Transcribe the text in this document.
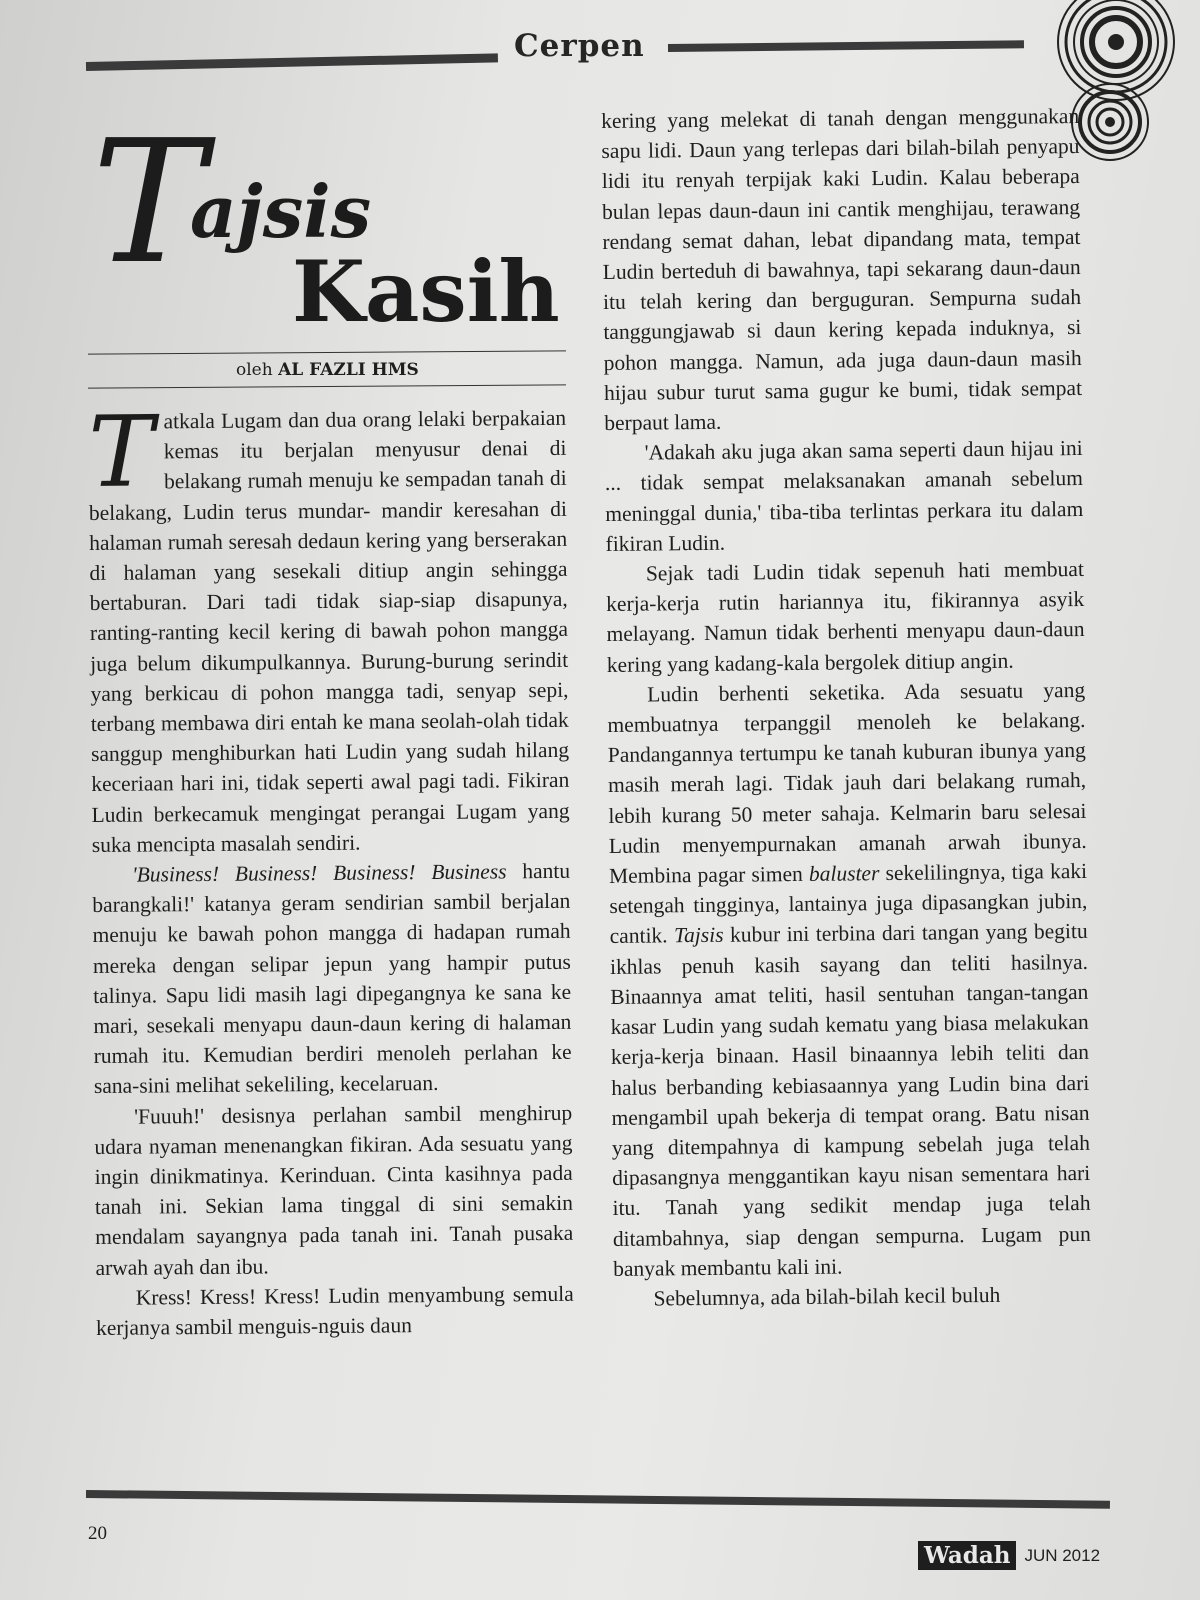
Cerpen
T
ajsis
Kasih
oleh AL FAZLI HMS

Tatkala Lugam dan dua orang lelaki berpakaian kemas itu berjalan menyusur denai di belakang rumah menuju ke sempadan tanah di belakang, Ludin terus mundar- mandir keresahan di halaman rumah seresah dedaun kering yang berserakan di halaman yang sesekali ditiup angin sehingga bertaburan. Dari tadi tidak siap-siap disapunya, ranting-ranting kecil kering di bawah pohon mangga juga belum dikumpulkannya. Burung-burung serindit yang berkicau di pohon mangga tadi, senyap sepi, terbang membawa diri entah ke mana seolah-olah tidak sanggup menghiburkan hati Ludin yang sudah hilang keceriaan hari ini, tidak seperti awal pagi tadi. Fikiran Ludin berkecamuk mengingat perangai Lugam yang suka mencipta masalah sendiri.

'Business! Business! Business! Business hantu barangkali!' katanya geram sendirian sambil berjalan menuju ke bawah pohon mangga di hadapan rumah mereka dengan selipar jepun yang hampir putus talinya. Sapu lidi masih lagi dipegangnya ke sana ke mari, sesekali menyapu daun-daun kering di halaman rumah itu. Kemudian berdiri menoleh perlahan ke sana-sini melihat sekeliling, kecelaruan.

'Fuuuh!' desisnya perlahan sambil menghirup udara nyaman menenangkan fikiran. Ada sesuatu yang ingin dinikmatinya. Kerinduan. Cinta kasihnya pada tanah ini. Sekian lama tinggal di sini semakin mendalam sayangnya pada tanah ini. Tanah pusaka arwah ayah dan ibu.

Kress! Kress! Kress! Ludin menyambung semula kerjanya sambil menguis-nguis daun

kering yang melekat di tanah dengan menggunakan sapu lidi. Daun yang terlepas dari bilah-bilah penyapu lidi itu renyah terpijak kaki Ludin. Kalau beberapa bulan lepas daun-daun ini cantik menghijau, terawang rendang semat dahan, lebat dipandang mata, tempat Ludin berteduh di bawahnya, tapi sekarang daun-daun itu telah kering dan berguguran. Sempurna sudah tanggungjawab si daun kering kepada induknya, si pohon mangga. Namun, ada juga daun-daun masih hijau subur turut sama gugur ke bumi, tidak sempat berpaut lama.

'Adakah aku juga akan sama seperti daun hijau ini ... tidak sempat melaksanakan amanah sebelum meninggal dunia,' tiba-tiba terlintas perkara itu dalam fikiran Ludin.

Sejak tadi Ludin tidak sepenuh hati membuat kerja-kerja rutin hariannya itu, fikirannya asyik melayang. Namun tidak berhenti menyapu daun-daun kering yang kadang-kala bergolek ditiup angin.

Ludin berhenti seketika. Ada sesuatu yang membuatnya terpanggil menoleh ke belakang. Pandangannya tertumpu ke tanah kuburan ibunya yang masih merah lagi. Tidak jauh dari belakang rumah, lebih kurang 50 meter sahaja. Kelmarin baru selesai Ludin menyempurnakan amanah arwah ibunya. Membina pagar simen baluster sekelilingnya, tiga kaki setengah tingginya, lantainya juga dipasangkan jubin, cantik. Tajsis kubur ini terbina dari tangan yang begitu ikhlas penuh kasih sayang dan teliti hasilnya. Binaannya amat teliti, hasil sentuhan tangan-tangan kasar Ludin yang sudah kematu yang biasa melakukan kerja-kerja binaan. Hasil binaannya lebih teliti dan halus berbanding kebiasaannya yang Ludin bina dari mengambil upah bekerja di tempat orang. Batu nisan yang ditempahnya di kampung sebelah juga telah dipasangnya menggantikan kayu nisan sementara hari itu. Tanah yang sedikit mendap juga telah ditambahnya, siap dengan sempurna. Lugam pun banyak membantu kali ini.

Sebelumnya, ada bilah-bilah kecil buluh

20
Wadah JUN 2012
